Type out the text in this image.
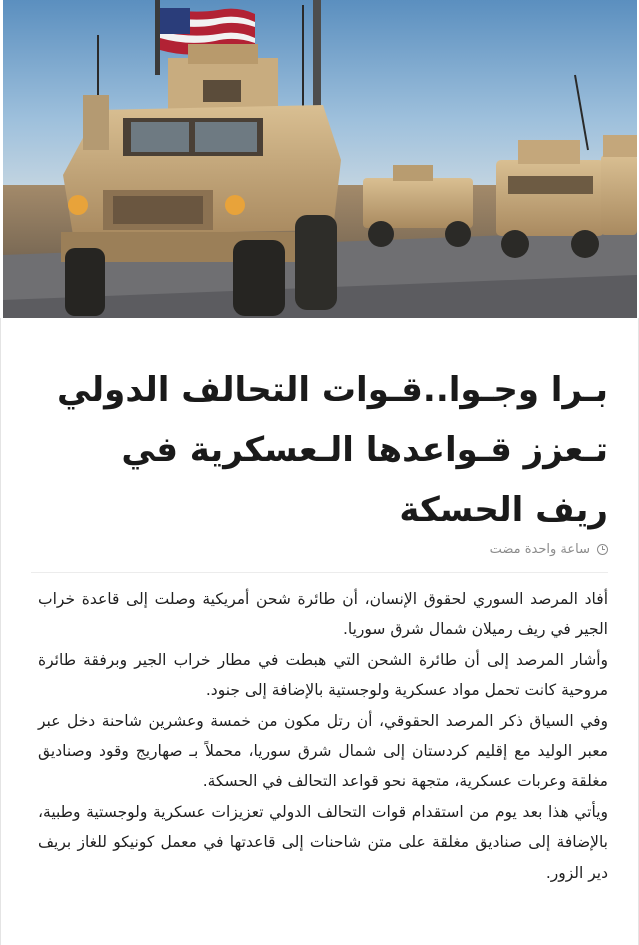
بـرا وجـوا..قـوات التحالف الدولي تـعزز قـواعدها الـعسكرية في ريف الحسكة
ساعة واحدة مضت

أفاد المرصد السوري لحقوق الإنسان، أن طائرة شحن أمريكية وصلت إلى قاعدة خراب الجير في ريف رميلان شمال شرق سوريا.

وأشار المرصد إلى أن طائرة الشحن التي هبطت في مطار خراب الجير وبرفقة طائرة مروحية كانت تحمل مواد عسكرية ولوجستية بالإضافة إلى جنود.

وفي السياق ذكر المرصد الحقوقي، أن رتل مكون من خمسة وعشرين شاحنة دخل عبر معبر الوليد مع إقليم كردستان إلى شمال شرق سوريا، محملاً بـ صهاريج وقود وصناديق مغلقة وعربات عسكرية، متجهة نحو قواعد التحالف في الحسكة.

ويأتي هذا بعد يوم من استقدام قوات التحالف الدولي تعزيزات عسكرية ولوجستية وطبية، بالإضافة إلى صناديق مغلقة على متن شاحنات إلى قاعدتها في معمل كونيكو للغاز بريف دير الزور.
